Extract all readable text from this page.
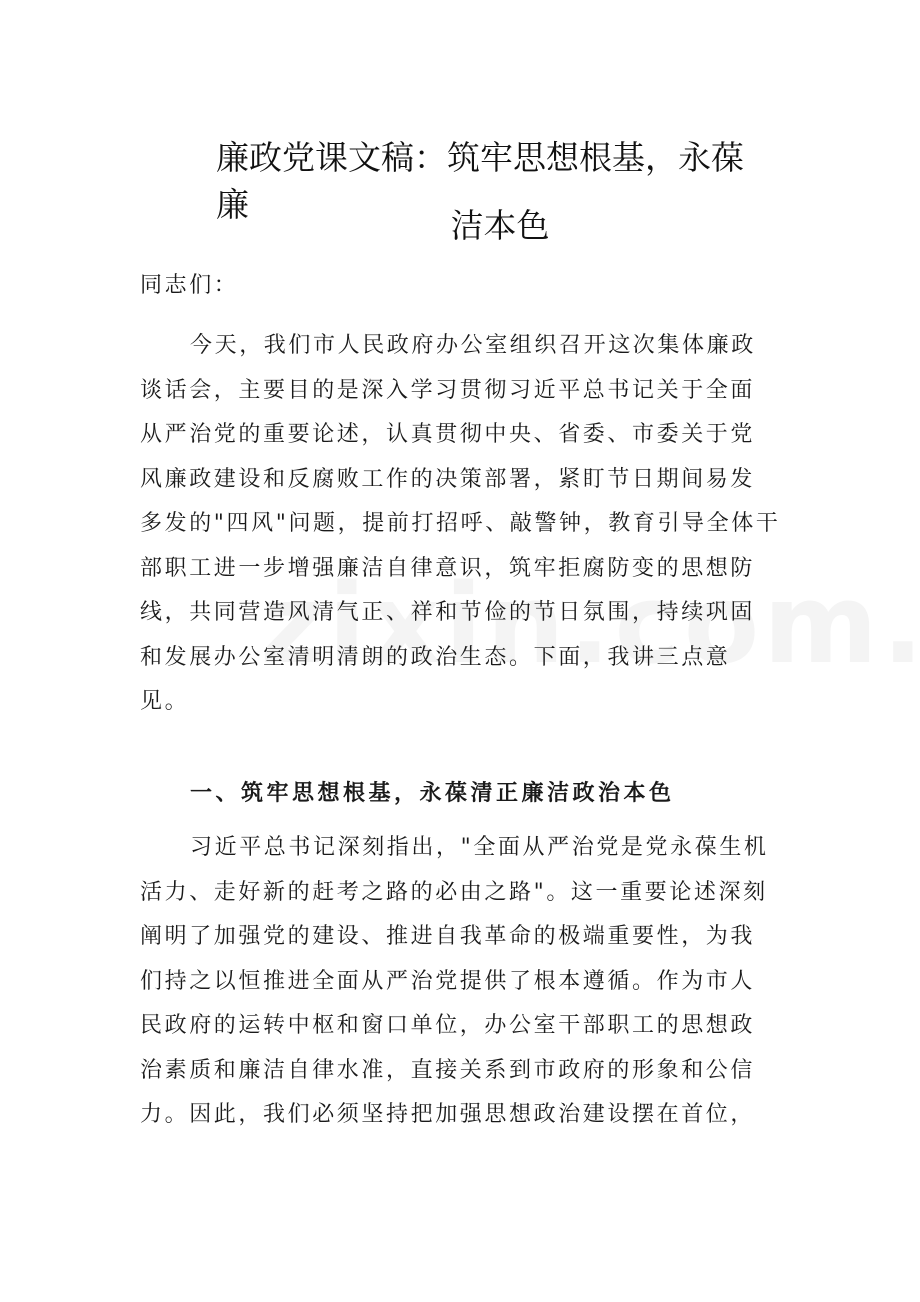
廉政党课文稿：筑牢思想根基，永葆廉
洁本色

同志们：

今天，我们市人民政府办公室组织召开这次集体廉政
谈话会，主要目的是深入学习贯彻习近平总书记关于全面
从严治党的重要论述，认真贯彻中央、省委、市委关于党
风廉政建设和反腐败工作的决策部署，紧盯节日期间易发
多发的"四风"问题，提前打招呼、敲警钟，教育引导全体干
部职工进一步增强廉洁自律意识，筑牢拒腐防变的思想防
线，共同营造风清气正、祥和节俭的节日氛围，持续巩固
和发展办公室清明清朗的政治生态。下面，我讲三点意
见。
一、筑牢思想根基，永葆清正廉洁政治本色
习近平总书记深刻指出，"全面从严治党是党永葆生机
活力、走好新的赶考之路的必由之路"。这一重要论述深刻
阐明了加强党的建设、推进自我革命的极端重要性，为我
们持之以恒推进全面从严治党提供了根本遵循。作为市人
民政府的运转中枢和窗口单位，办公室干部职工的思想政
治素质和廉洁自律水准，直接关系到市政府的形象和公信
力。因此，我们必须坚持把加强思想政治建设摆在首位，
